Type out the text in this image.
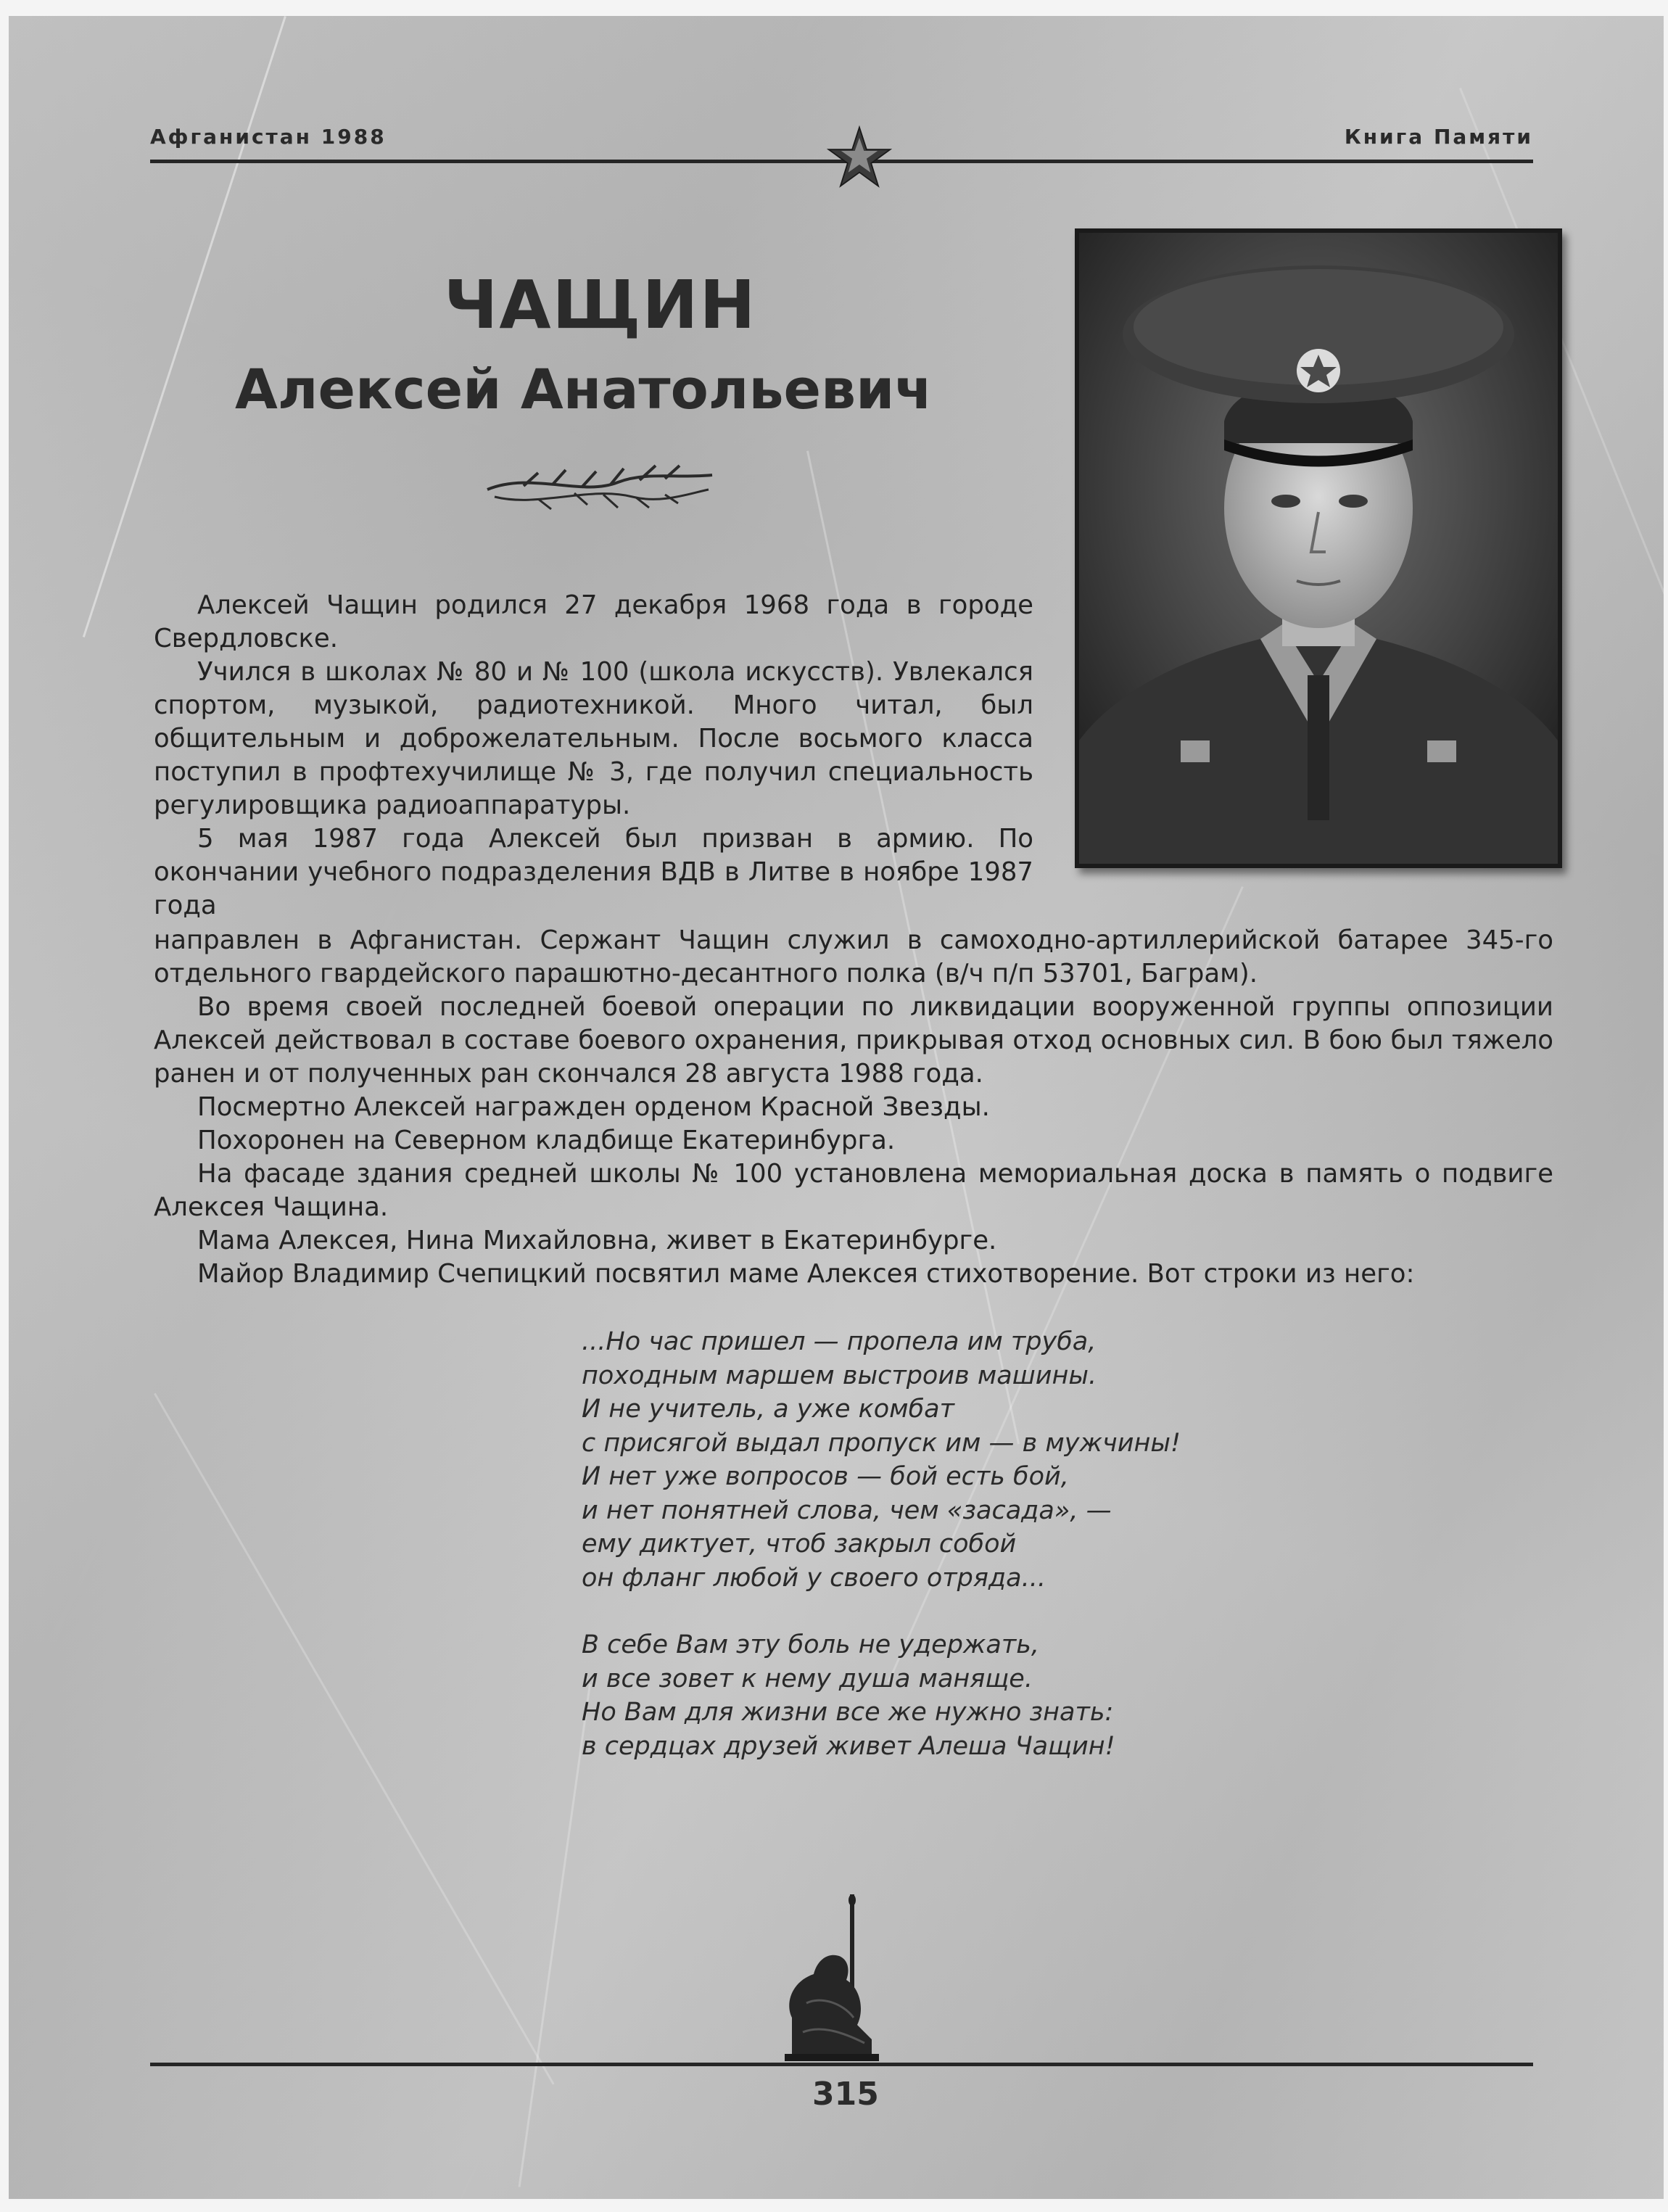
Афганистан 1988	Книга Памяти
ЧАЩИН
Алексей Анатольевич

Алексей Чащин родился 27 декабря 1968 года в городе Свердловске.

Учился в школах № 80 и № 100 (школа искусств). Увлекался спортом, музыкой, радиотехникой. Много читал, был общительным и доброжелательным. После восьмого класса поступил в профтехучилище № 3, где получил специальность регулировщика радиоаппаратуры.

5 мая 1987 года Алексей был призван в армию. По окончании учебного подразделения ВДВ в Литве в ноябре 1987 года

направлен в Афганистан. Сержант Чащин служил в самоходно-артиллерийской батарее 345-го отдельного гвардейского парашютно-десантного полка (в/ч п/п 53701, Баграм).

Во время своей последней боевой операции по ликвидации вооруженной группы оппозиции Алексей действовал в составе боевого охранения, прикрывая отход основных сил. В бою был тяжело ранен и от полученных ран скончался 28 августа 1988 года.

Посмертно Алексей награжден орденом Красной Звезды.

Похоронен на Северном кладбище Екатеринбурга.

На фасаде здания средней школы № 100 установлена мемориальная доска в память о подвиге Алексея Чащина.

Мама Алексея, Нина Михайловна, живет в Екатеринбурге.

Майор Владимир Счепицкий посвятил маме Алексея стихотворение. Вот строки из него:

...Но час пришел — пропела им труба,
походным маршем выстроив машины.
И не учитель, а уже комбат
с присягой выдал пропуск им — в мужчины!
И нет уже вопросов — бой есть бой,
и нет понятней слова, чем «засада», —
ему диктует, чтоб закрыл собой
он фланг любой у своего отряда...
В себе Вам эту боль не удержать,
и все зовет к нему душа манящe.
Но Вам для жизни все же нужно знать:
в сердцах друзей живет Алеша Чащин!
315
